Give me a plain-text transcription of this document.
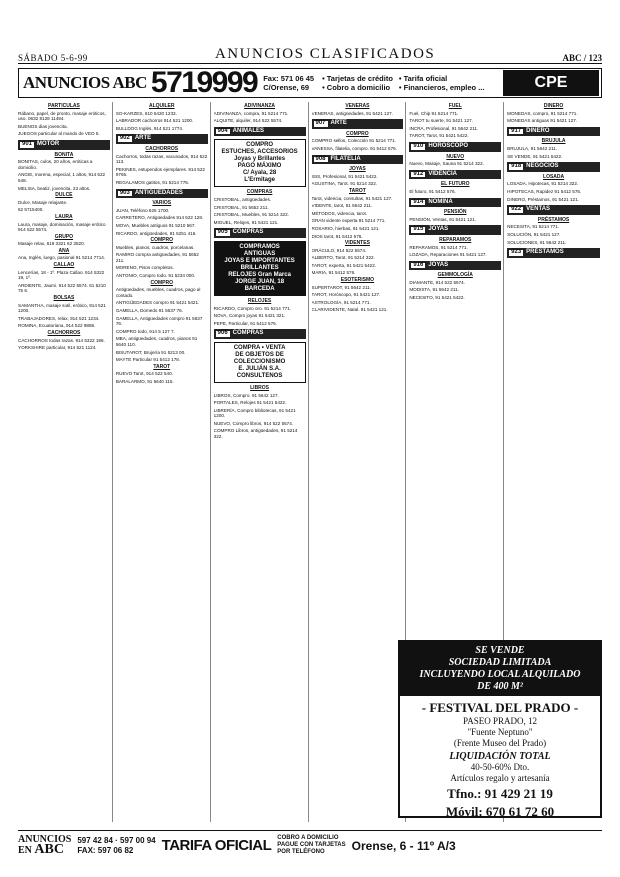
SÁBADO 5-6-99	ANUNCIOS CLASIFICADOS	ABC / 123
ANUNCIOS ABC 5719999 Fax: 571 06 45
C/Orense, 69
• Tarjetas de crédito • Tarifa oficial
• Cobro a domicilio	• Financieros, empleo ...	CPE
PARTICULAS
Rábano, papel, de pronto, masaje eróticos, uso. 0632 8128 11494.
BUENOS dias jovencita.
JUEGOS particular al mando de VEO 5.
901 MOTOR
BONITA
BONITAS, culos, 20 años, eróticas a domicilio.
ANGIE, morena, especial, 1 altos, 914 522 548.
MELISA, beatiz, jovencita, 23 altos.
DULCE
Dulce, Masaje relajante.
62 5715400.
LAURA
Laura, masaje, dominación, masaje erótico 914 522 5574.
GRUPO
Masaje relax, 619 3321 62 3520.
ANA
Ana, Inglés, luego, pasional 91 5214 7714.
CALLAO
Lencerías, 18 - 1º. Plaza Callao. 914 5322 19, 1º.
ARDIENTE, Jaumi. 914 522 5574. 61 5210 75 6.
BOLSAS
SAMANTHA, masaje sutil, erótico, 914 521 1200.
TRABAJADORES, relax, 914 521 1234.
ROMINA, Ecuatoriana, 914 522 9888.
CACHORROS
CACHORROS todas razas. 914 5322 196.
YORKSHIRE particular, 914 521 1124.
ALQUILER
SO-KARZES, 610 5420 1233.
LABRADOR cachorros 914 521 1200.
BULLDOG Inglés, 914 521 1774.
902 ARTE
CACHORROS
Cachorros, todas razas, vacunados, 914 522 113.
PEKINES, estupendos ejemplares. 914 522 9765.
REGALAMOS gatitos, 91 5214 775.
903 ANTIGÜEDADES
VARIOS
JUAN, Teléfono 625 1700.
CARRETERO, Antigüedades 914 522 128.
MOVA, Muebles antiguos 91 5210 567.
RICARDO, antigüedades, 91 5251 416.
COMPRO
Muebles, pianos, cuadros, porcelanas.
RAMIRO compra antigüedades, 91 5652 211.
MORENO, Pisos completos.
ANTONIO, Compro todo. 91 5234 000.
COMPRO
Antigüedades, muebles, cuadros, pago al contado.
ANTIGÜEDADES compro 91 5421 5421.
GAMELLA, Domedo 91 5637 76.
GAMELLA, Antigüedades compro 91 5637 76.
COMPRO todo, 914 5 127 7.
MBA, antigüedades, cuadros, pianos 91 5640 110.
BISUTAROT, Brujería 91 5213 00.
MAYTE Particular 91 5412 178.
TAROT
RUEVO Tarot, 914 522 540.
BARALARMO, 91 5640 115.
ADIVINANZA
ADIVINANZA, compra, 91 5214 771.
ALQUITE, alquiler, 914 522 5574.
904 ANIMALES
COMPRO
ESTUCHES, ACCESORIOS
Joyas y Brillantes
PAGO MÁXIMO
C/ Ayala, 28
L'Ermitage
COMPRAS
CRISTOBAL, antigüedades.
CRISTOBAL, 91 5652 211.
CRISTOBAL, Muebles, 91 5214 322.
MIGUEL, Relojes, 91 5421 121.
905 COMPRAS
COMPRAMOS
ANTIGUAS
JOYAS E IMPORTANTES
BRILLANTES
RELOJES Gran Marca
JORGE JUAN, 18
BARCEDA
RELOJES
RICARDO, Compro oro. 91 5214 771.
NOVA, Compro joyas 91 5421 321.
PEPE, Particular, 91 5412 576.
906 COMPRAS
COMPRA • VENTA
DE OBJETOS DE
COLECCIONISMO
E. JULIÁN S.A.
CONSULTENOS
LIBROS
LIBROS, Compro. 91 5642 127.
PORTALES, Relojes 91 5421 5422.
LIBRERÍA, Compro bibliotecas, 91 5421 1200.
NUEVO, Compro libros, 914 522 5574.
COMPRO Libros, antigüedades, 91 5214 322.
VENERAS
VENERAS, antigüedades, 91 5421 127.
907 ARTE
COMPRO
COMPRO sellos, Colección 91 5214 771.
VANESSA, filatelia, compro. 91 5412 576.
908 FILATELIA
JOYAS
ISIS, Profesional, 91 5421 5422.
AGUSTINA, Tarot. 91 5214 322.
TAROT
Tarot, videncia, consultas, 91 5421 127.
VIDENTE, tarot, 91 5642 211.
MÉTODOS, videncia, tarot.
GRAN vidente experta 91 5214 771.
ROSARIO, hierbas, 91 5421 121.
DIOS tarot, 91 5412 576.
VIDENTES
ORÁCULO, 914 522 5574.
ALBERTO, Tarot. 91 5214 322.
TAROT, experta, 91 5421 5422.
MARIA, 91 5412 576.
ESOTERISMO
SUPERTAROT, 91 5642 211.
TAROT, Horóscopo, 91 5421 127.
ASTROLOGÍA, 91 5214 771.
CLARIVIDENTE, Natal. 91 5421 121.
FUEL
Fuel, Chip 91 5214 771.
TAROT tu suerte, 91 5421 127.
INCRA, Profesional, 91 5642 211.
TAROT, Tarot, 91 5421 5422.
910 HORÓSCOPO
NUEVO
Nuevo, Masaje, Sauna 91 5214 322.
912 VIDENCIA
EL FUTURO
El futuro, 91 5412 576.
914 NOMINA
PENSIÓN
PENSIÓN, Ventas, 91 5421 121.
915 JOYAS
REPARAMOS
REPARAMOS, 91 5214 771.
LOZADA, Reparaciones 91 5421 127.
916 JOYAS
GEMMOLOGÍA
DIAMANTE, 914 522 5574.
MODISTA, 91 5642 211.
NECESITO, 91 5421 5422.
DINERO
MONEDAS, compro, 91 5214 771.
MONEDAS antiguas 91 5421 127.
917 DINERO
BRUJULA
BRUJULA, 91 5642 211.
SE VENDE, 91 5421 5422.
918 NEGOCIOS
LOSADA
LOSADA, Hipotecas, 91 5214 322.
HIPOTECAS, Rapidez 91 5412 576.
DINERO, Préstamos, 91 5421 121.
922 VENTAS
PRÉSTAMOS
NECESITA, 91 5214 771.
SOLUCIÓN, 91 5421 127.
SOLUCIONES, 91 5642 211.
923 PRÉSTAMOS
SE VENDE
SOCIEDAD LIMITADA
INCLUYENDO LOCAL ALQUILADO
DE 400 M²
- FESTIVAL DEL PRADO -
PASEO PRADO, 12
"Fuente Neptuno"
(Frente Museo del Prado)
LIQUIDACIÓN TOTAL
40-50-60% Dto.
Artículos regalo y artesanía
Tfno.: 91 429 21 19
Móvil: 670 61 72 60
ANUNCIOS
EN ABC
597 42 84 · 597 00 94
FAX: 597 06 82	TARIFA OFICIAL COBRO A DOMICILIO
PAGUE CON TARJETAS
POR TELÉFONO	Orense, 6 - 11º A/3
